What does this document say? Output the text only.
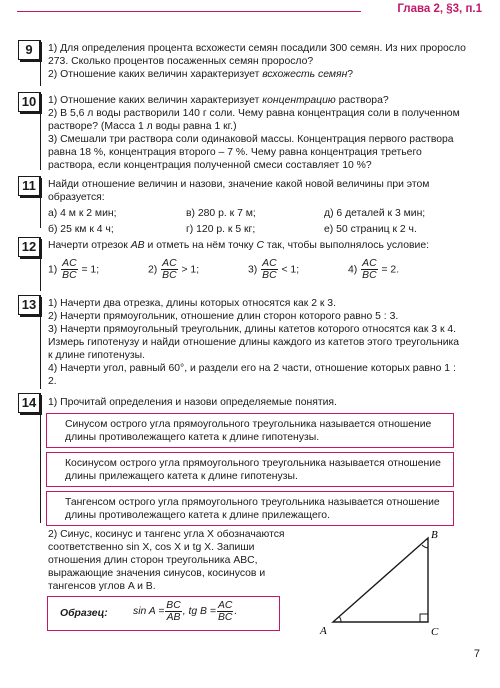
Глава 2, §3, п.1
9	1) Для определения процента всхожести семян посадили 300 семян. Из них проросло 273. Сколько процентов посаженных семян проросло?

2) Отношение каких величин характеризует всхожесть семян?

10	1) Отношение каких величин характеризует концентрацию раствора?

2) В 5,6 л воды растворили 140 г соли. Чему равна концентрация соли в полученном растворе? (Масса 1 л воды равна 1 кг.)

3) Смешали три раствора соли одинаковой массы. Концентрация первого раствора равна 18 %, концентрация второго – 7 %. Чему равна концентрация третьего раствора, если концентрация полученной смеси составляет 10 %?

11	Найди отношение величин и назови, значение какой новой величины при этом образуется:

а) 4 м к 2 мин;	в) 280 р. к 7 м;	д) 6 деталей к 3 мин;
б) 25 км к 4 ч;	г) 120 р. к 5 кг;	е) 50 страниц к 2 ч.
12	Начерти отрезок AB и отметь на нём точку C так, чтобы выполнялось условие:

$1) \frac{AC}{BC} = 1$;	$2) \frac{AC}{BC} > 1$;	$3) \frac{AC}{BC} < 1$;	$4) \frac{AC}{BC} = 2$.
13	1) Начерти два отрезка, длины которых относятся как 2 к 3.

2) Начерти прямоугольник, отношение длин сторон которого равно 5 : 3.

3) Начерти прямоугольный треугольник, длины катетов которого относятся как 3 к 4. Измерь гипотенузу и найди отношение длины каждого из катетов этого треугольника к длине гипотенузы.

4) Начерти угол, равный 60°, и раздели его на 2 части, отношение которых равно 1 : 2.

14	1) Прочитай определения и назови определяемые понятия.

Синусом острого угла прямоугольного треугольника называется отношение длины противолежащего катета к длине гипотенузы.

Косинусом острого угла прямоугольного треугольника называется отношение длины прилежащего катета к длине гипотенузы.

Тангенсом острого угла прямоугольного треугольника называется отношение длины противолежащего катета к длине прилежащего.

2) Синус, косинус и тангенс угла X обозначаются соответственно sin X, cos X и tg X. Запиши отношения длин сторон треугольника ABC, выражающие значения синусов, косинусов и тангенсов углов A и B.

Образец: $\sin A = \frac{BC}{AB}$ , tg $B = \frac{AC}{BC}$ .
A	C
B
7
